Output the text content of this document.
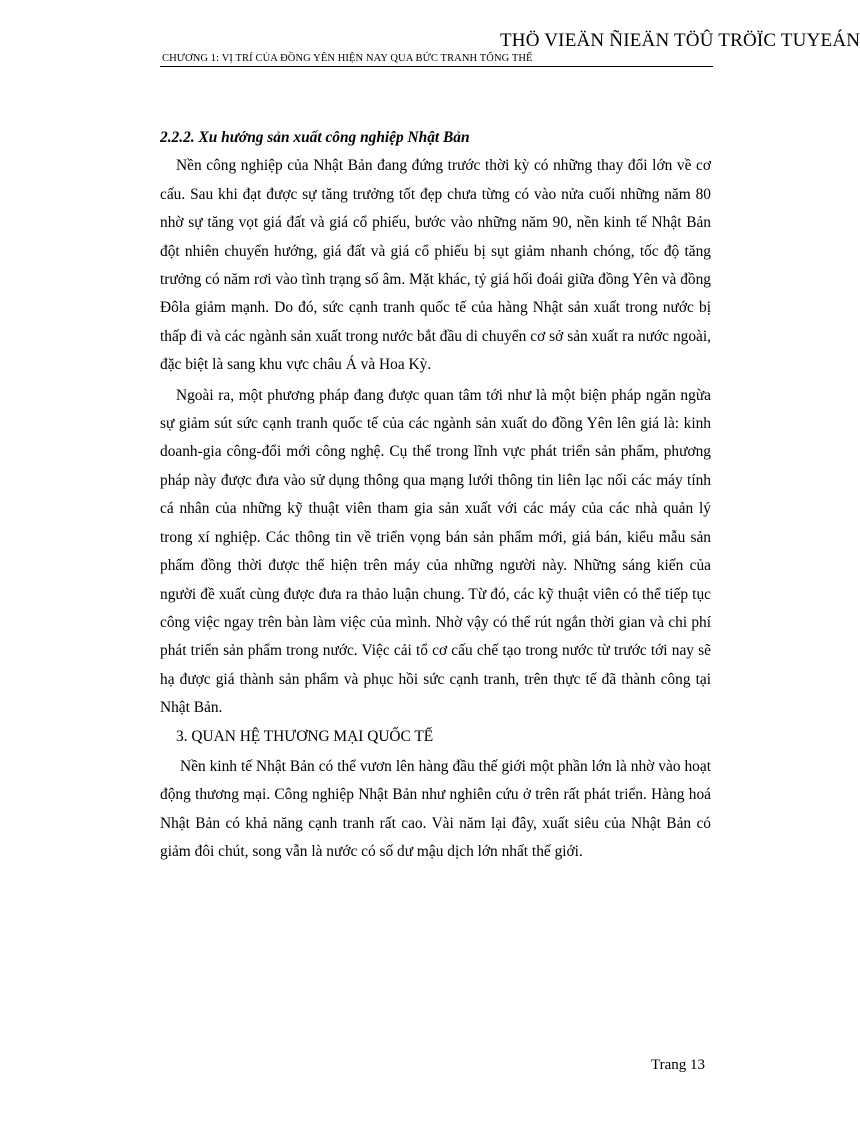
THÖ VIEÄN ÑIEÄN TÖÛ TRÖÏC TUYEÁN
CHƯƠNG 1: VỊ TRÍ CỦA ĐỒNG YÊN HIỆN NAY QUA BỨC TRANH TỔNG THỂ

2.2.2. Xu hướng sản xuất công nghiệp Nhật Bản

Nền công nghiệp của Nhật Bản đang đứng trước thời kỳ có những thay đổi lớn về cơ cấu. Sau khi đạt được sự tăng trưởng tốt đẹp chưa từng có vào nửa cuối những năm 80 nhờ sự tăng vọt giá đất và giá cổ phiếu, bước vào những năm 90, nền kinh tế Nhật Bản đột nhiên chuyển hướng, giá đất và giá cổ phiếu bị sụt giảm nhanh chóng, tốc độ tăng trưởng có năm rơi vào tình trạng số âm. Mặt khác, tỷ giá hối đoái giữa đồng Yên và đồng Đôla giảm mạnh. Do đó, sức cạnh tranh quốc tế của hàng Nhật sản xuất trong nước bị thấp đi và các ngành sản xuất trong nước bắt đầu di chuyển cơ sở sản xuất ra nước ngoài, đặc biệt là sang khu vực châu Á và Hoa Kỳ.

Ngoài ra, một phương pháp đang được quan tâm tới như là một biện pháp ngăn ngừa sự giảm sút sức cạnh tranh quốc tế của các ngành sản xuất do đồng Yên lên giá là: kinh doanh-gia công-đổi mới công nghệ. Cụ thể trong lĩnh vực phát triển sản phẩm, phương pháp này được đưa vào sử dụng thông qua mạng lưới thông tin liên lạc nối các máy tính cá nhân của những kỹ thuật viên tham gia sản xuất với các máy của các nhà quản lý trong xí nghiệp. Các thông tin về triển vọng bán sản phẩm mới, giá bán, kiểu mẫu sản phẩm đồng thời được thể hiện trên máy của những người này. Những sáng kiến của người đề xuất cùng được đưa ra thảo luận chung. Từ đó, các kỹ thuật viên có thể tiếp tục công việc ngay trên bàn làm việc của mình. Nhờ vậy có thể rút ngắn thời gian và chi phí phát triển sản phẩm trong nước. Việc cải tổ cơ cấu chế tạo trong nước từ trước tới nay sẽ hạ được giá thành sản phẩm và phục hồi sức cạnh tranh, trên thực tế đã thành công tại Nhật Bản.

3. QUAN HỆ THƯƠNG MẠI QUỐC TẾ

Nền kinh tế Nhật Bản có thể vươn lên hàng đầu thế giới một phần lớn là nhờ vào hoạt động thương mại. Công nghiệp Nhật Bản như nghiên cứu ở trên rất phát triển. Hàng hoá Nhật Bản có khả năng cạnh tranh rất cao. Vài năm lại đây, xuất siêu của Nhật Bản có giảm đôi chút, song vẫn là nước có số dư mậu dịch lớn nhất thế giới.

Trang 13
